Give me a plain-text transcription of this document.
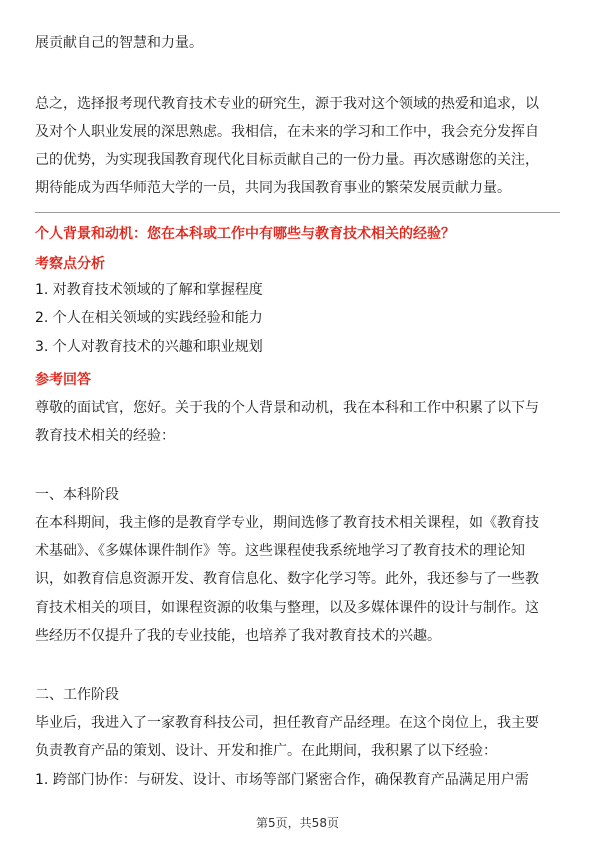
展贡献自己的智慧和力量。
总之，选择报考现代教育技术专业的研究生，源于我对这个领域的热爱和追求，以
及对个人职业发展的深思熟虑。我相信，在未来的学习和工作中，我会充分发挥自
己的优势，为实现我国教育现代化目标贡献自己的一份力量。再次感谢您的关注，
期待能成为西华师范大学的一员，共同为我国教育事业的繁荣发展贡献力量。
个人背景和动机：您在本科或工作中有哪些与教育技术相关的经验？
考察点分析
1. 对教育技术领域的了解和掌握程度
2. 个人在相关领域的实践经验和能力
3. 个人对教育技术的兴趣和职业规划
参考回答
尊敬的面试官，您好。关于我的个人背景和动机，我在本科和工作中积累了以下与
教育技术相关的经验：
一、本科阶段
在本科期间，我主修的是教育学专业，期间选修了教育技术相关课程，如《教育技
术基础》、《多媒体课件制作》等。这些课程使我系统地学习了教育技术的理论知
识，如教育信息资源开发、教育信息化、数字化学习等。此外，我还参与了一些教
育技术相关的项目，如课程资源的收集与整理，以及多媒体课件的设计与制作。这
些经历不仅提升了我的专业技能，也培养了我对教育技术的兴趣。
二、工作阶段
毕业后，我进入了一家教育科技公司，担任教育产品经理。在这个岗位上，我主要
负责教育产品的策划、设计、开发和推广。在此期间，我积累了以下经验：
1. 跨部门协作：与研发、设计、市场等部门紧密合作，确保教育产品满足用户需
第5页，共58页
